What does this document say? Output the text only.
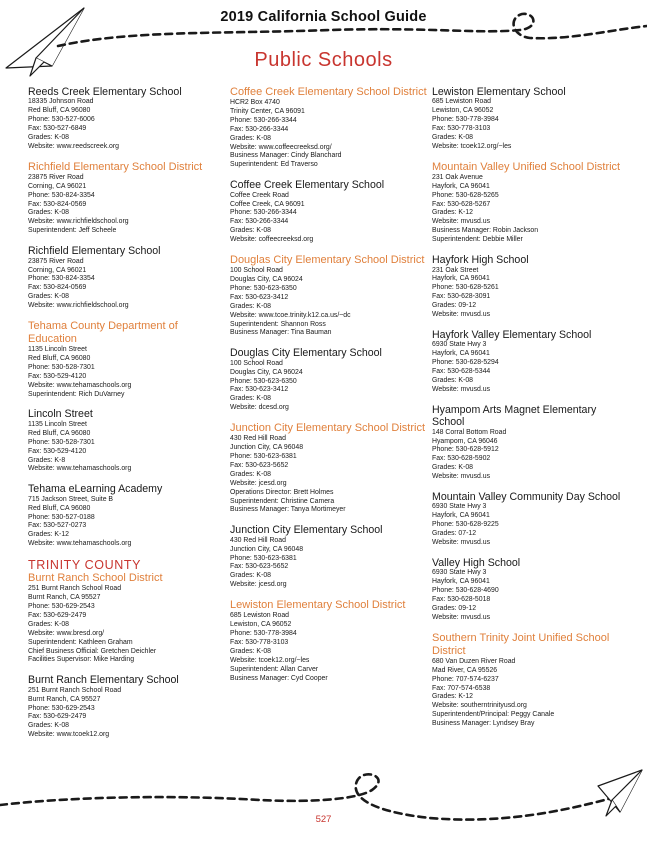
2019 California School Guide
Public Schools
Reeds Creek Elementary School
18335 Johnson Road
Red Bluff, CA 96080
Phone: 530-527-6006
Fax: 530-527-6849
Grades: K-08
Website: www.reedscreek.org
Richfield Elementary School District
23875 River Road
Corning, CA 96021
Phone: 530-824-3354
Fax: 530-824-0569
Grades: K-08
Website: www.richfieldschool.org
Superintendent: Jeff Scheele
Richfield Elementary School
23875 River Road
Corning, CA 96021
Phone: 530-824-3354
Fax: 530-824-0569
Grades: K-08
Website: www.richfieldschool.org
Tehama County Department of Education
1135 Lincoln Street
Red Bluff, CA 96080
Phone: 530-528-7301
Fax: 530-529-4120
Website: www.tehamaschools.org
Superintendent: Rich DuVarney
Lincoln Street
1135 Lincoln Street
Red Bluff, CA 96080
Phone: 530-528-7301
Fax: 530-529-4120
Grades: K-8
Website: www.tehamaschools.org
Tehama eLearning Academy
715 Jackson Street, Suite B
Red Bluff, CA 96080
Phone: 530-527-0188
Fax: 530-527-0273
Grades: K-12
Website: www.tehamaschools.org
TRINITY COUNTY
Burnt Ranch School District
251 Burnt Ranch School Road
Burnt Ranch, CA 95527
Phone: 530-629-2543
Fax: 530-629-2479
Grades: K-08
Website: www.bresd.org/
Superintendent: Kathleen Graham
Chief Business Official: Gretchen Deichler
Facilities Supervisor: Mike Harding
Burnt Ranch Elementary School
251 Burnt Ranch School Road
Burnt Ranch, CA 95527
Phone: 530-629-2543
Fax: 530-629-2479
Grades: K-08
Website: www.tcoek12.org
Coffee Creek Elementary School District
HCR2 Box 4740
Trinity Center, CA 96091
Phone: 530-266-3344
Fax: 530-266-3344
Grades: K-08
Website: www.coffeecreeksd.org/
Business Manager: Cindy Blanchard
Superintendent: Ed Traverso
Coffee Creek Elementary School
Coffee Creek Road
Coffee Creek, CA 96091
Phone: 530-266-3344
Fax: 530-266-3344
Grades: K-08
Website: coffeecreeksd.org
Douglas City Elementary School District
100 School Road
Douglas City, CA 96024
Phone: 530-623-6350
Fax: 530-623-3412
Grades: K-08
Website: www.tcoe.trinity.k12.ca.us/~dc
Superintendent: Shannon Ross
Business Manager: Tina Bauman
Douglas City Elementary School
100 School Road
Douglas City, CA 96024
Phone: 530-623-6350
Fax: 530-623-3412
Grades: K-08
Website: dcesd.org
Junction City Elementary School District
430 Red Hill Road
Junction City, CA 96048
Phone: 530-623-6381
Fax: 530-623-5652
Grades: K-08
Website: jcesd.org
Operations Director: Brett Holmes
Superintendent: Christine Camera
Business Manager: Tanya Mortimeyer
Junction City Elementary School
430 Red Hill Road
Junction City, CA 96048
Phone: 530-623-6381
Fax: 530-623-5652
Grades: K-08
Website: jcesd.org
Lewiston Elementary School District
685 Lewiston Road
Lewiston, CA 96052
Phone: 530-778-3984
Fax: 530-778-3103
Grades: K-08
Website: tcoek12.org/~les
Superintendent: Allan Carver
Business Manager: Cyd Cooper
Lewiston Elementary School
685 Lewiston Road
Lewiston, CA 96052
Phone: 530-778-3984
Fax: 530-778-3103
Grades: K-08
Website: tcoek12.org/~les
Mountain Valley Unified School District
231 Oak Avenue
Hayfork, CA 96041
Phone: 530-628-5265
Fax: 530-628-5267
Grades: K-12
Website: mvusd.us
Business Manager: Robin Jackson
Superintendent: Debbie Miller
Hayfork High School
231 Oak Street
Hayfork, CA 96041
Phone: 530-628-5261
Fax: 530-628-3091
Grades: 09-12
Website: mvusd.us
Hayfork Valley Elementary School
6930 State Hwy 3
Hayfork, CA 96041
Phone: 530-628-5294
Fax: 530-628-5344
Grades: K-08
Website: mvusd.us
Hyampom Arts Magnet Elementary School
148 Corral Bottom Road
Hyampom, CA 96046
Phone: 530-628-5912
Fax: 530-628-5902
Grades: K-08
Website: mvusd.us
Mountain Valley Community Day School
6930 State Hwy 3
Hayfork, CA 96041
Phone: 530-628-9225
Grades: 07-12
Website: mvusd.us
Valley High School
6930 State Hwy 3
Hayfork, CA 96041
Phone: 530-628-4690
Fax: 530-628-5018
Grades: 09-12
Website: mvusd.us
Southern Trinity Joint Unified School District
680 Van Duzen River Road
Mad River, CA 95526
Phone: 707-574-6237
Fax: 707-574-6538
Grades: K-12
Website: southerntrinityusd.org
Superintendent/Principal: Peggy Canale
Business Manager: Lyndsey Bray
527
